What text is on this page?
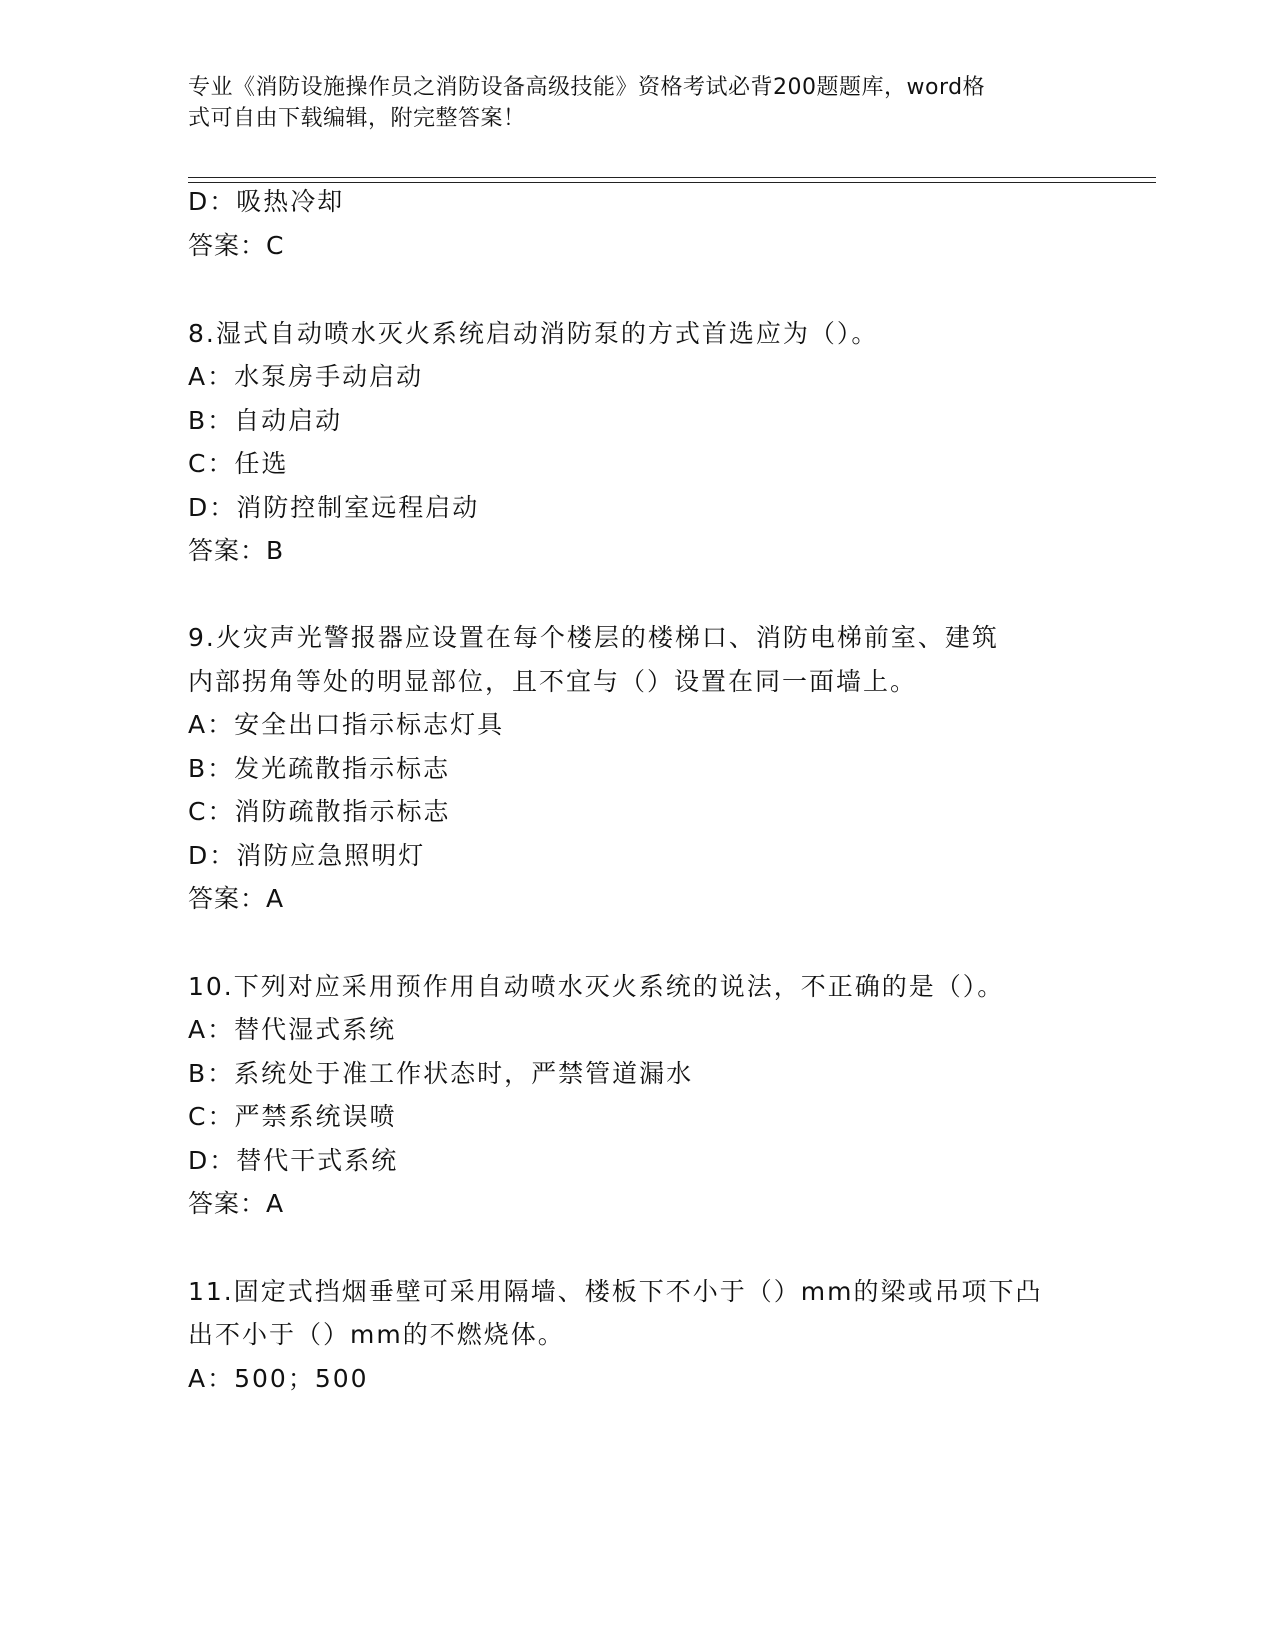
专业《消防设施操作员之消防设备高级技能》资格考试必背200题题库，word格
式可自由下载编辑，附完整答案！
D：吸热冷却
答案：C
8.湿式自动喷水灭火系统启动消防泵的方式首选应为（）。
A：水泵房手动启动
B：自动启动
C：任选
D：消防控制室远程启动
答案：B
9.火灾声光警报器应设置在每个楼层的楼梯口、消防电梯前室、建筑
内部拐角等处的明显部位，且不宜与（）设置在同一面墙上。
A：安全出口指示标志灯具
B：发光疏散指示标志
C：消防疏散指示标志
D：消防应急照明灯
答案：A
10.下列对应采用预作用自动喷水灭火系统的说法，不正确的是（）。
A：替代湿式系统
B：系统处于准工作状态时，严禁管道漏水
C：严禁系统误喷
D：替代干式系统
答案：A
11.固定式挡烟垂壁可采用隔墙、楼板下不小于（）mm的梁或吊项下凸
出不小于（）mm的不燃烧体。
A：500；500
